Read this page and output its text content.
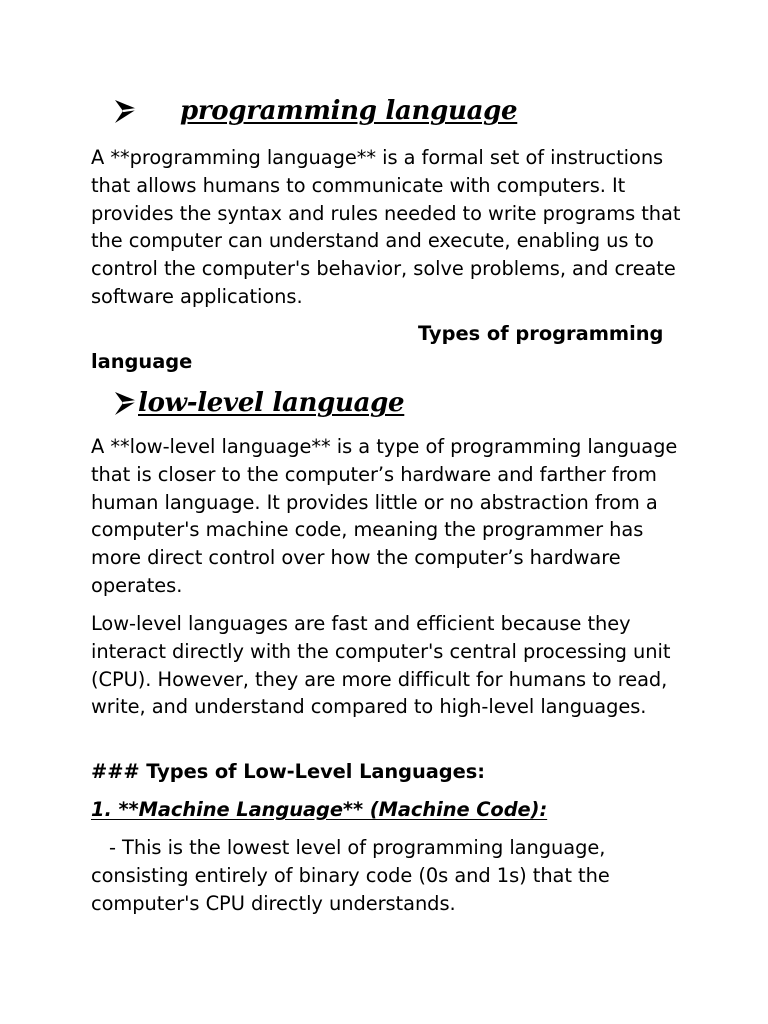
programming language

A **programming language** is a formal set of instructions that allows humans to communicate with computers. It provides the syntax and rules needed to write programs that the computer can understand and execute, enabling us to control the computer's behavior, solve problems, and create software applications.

Types of programming
language
low-level language

A **low-level language** is a type of programming language that is closer to the computer’s hardware and farther from human language. It provides little or no abstraction from a computer's machine code, meaning the programmer has more direct control over how the computer’s hardware operates.

Low-level languages are fast and efficient because they interact directly with the computer's central processing unit (CPU). However, they are more difficult for humans to read, write, and understand compared to high-level languages.

### Types of Low-Level Languages:

1. **Machine Language** (Machine Code):

- This is the lowest level of programming language, consisting entirely of binary code (0s and 1s) that the computer's CPU directly understands.
